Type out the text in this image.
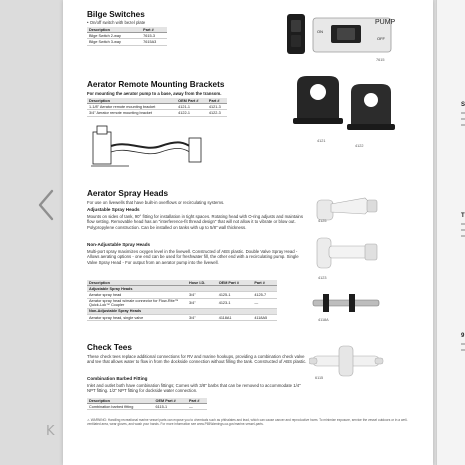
K
Bilge Switches
• On/off switch with bezel plate
Description	Part #
Bilge Switch 2-way	7615-3
Bilge Switch 3-way	7615A3
PUMP
ON
OFF
7615
Aerator Remote Mounting Brackets
For mounting the aerator pump to a base, away from the transom.
Description	OEM Part #	Part #
1-1/8" Aerator remote mounting bracket	4121-1	4121-3
3/4" Aerator remote mounting bracket	4122-1	4122-3
4121
4122
Aerator Spray Heads
For use on livewells that have built-in overflows or recirculating systems.
Adjustable Spray Heads
Mounts on sides of tank, 90° fitting for installation in tight spaces. Rotating head with O-ring adjusts and maintains flow setting. Removable head has an "interference-fit thread design" that will not allow it to vibrate or blow out. Polypropylene construction. Can be installed on tanks with up to 5/8" wall thickness.
Non-Adjustable Spray Heads
Multi-port spray maximizes oxygen level in the livewell. Constructed of ABS plastic. Double Valve Spray Head - Allows aerating options - one end can be used for freshwater fill, the other end with a recirculating pump. Single Valve Spray Head - For output from an aerator pump into the livewell.
Description	Hose I.D.	OEM Part #	Part #
Adjustable Spray Heads			
Aerator spray head	3/4"	4125-1	4125-7
Aerator spray head w/male connector for Flow-Rite™ Quick-Lok™ Coupler	3/4"	4123-1	—
Non-Adjustable Spray Heads			
Aerator spray head, single valve	3/4"	4118A1	4118A5
4125
4123
4118A
Check Tees
These check tees replace additional connections for RV and marine hookups, providing a combination check valve and tee that allows water to flow in from the dockside connection without filling the tank. Constructed of ABS plastic.
Combination Barbed Fitting
Inlet and outlet both have combination fittings; Comes with 3/8" barbs that can be removed to accommodate 1/4" NPT fitting. 1/2" NPT fitting for dockside water connection.
Description	OEM Part #	Part #
Combination barbed fitting	6115-1	—
6115
⚠ WARNING: Handling recreational marine vessel parts can expose you to chemicals such as phthalates and lead, which can cause cancer and reproductive harm. To minimize exposure, service the vessel outdoors or in a well-ventilated area, wear gloves, and wash your hands. For more information see www.P65Warnings.ca.gov/marine-vessel-parts.
S
T
9
